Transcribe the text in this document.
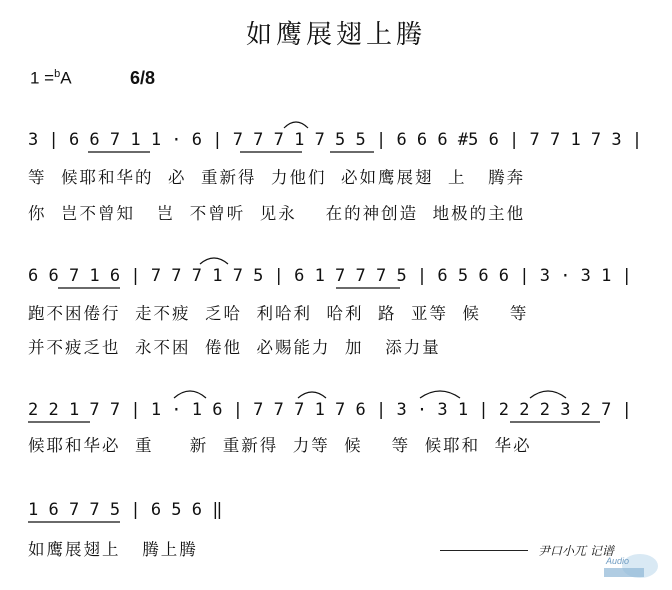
如鹰展翅上腾
1 =$^b$A	6/8
3 | 6 6 7 1 1 · 6 | 7 7 7 1 7 5 5 | 6 6 6 #5 6 | 7 7 1 7 3 |
等  候耶和华的  必  重新得  力他们  必如鹰展翅  上   腾奔
你  岂不曾知   岂  不曾听  见永    在的神创造  地极的主他
6 6 7 1 6 | 7 7 7 1 7 5 | 6 1 7 7 7 5 | 6 5 6 6 | 3 · 3 1 |
跑不困倦行  走不疲  乏哈  利哈利  哈利  路  亚等  候    等
并不疲乏也  永不困  倦他  必赐能力  加   添力量
2 2 1 7 7 | 1 · 1 6 | 7 7 7 1 7 6 | 3 · 3 1 | 2 2 2 3 2 7 |
候耶和华必  重     新  重新得  力等  候    等  候耶和  华必
1 6 7 7 5 | 6 5 6 ‖
如鹰展翅上   腾上腾	尹口小兀 记谱
Audio
